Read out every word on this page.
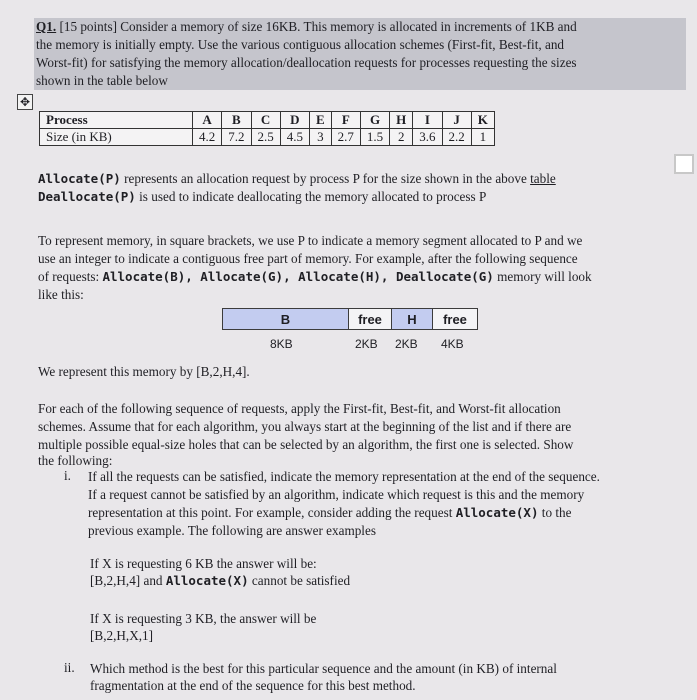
Q1. [15 points] Consider a memory of size 16KB. This memory is allocated in increments of 1KB and
the memory is initially empty. Use the various contiguous allocation schemes (First-fit, Best-fit, and
Worst-fit) for satisfying the memory allocation/deallocation requests for processes requesting the sizes
shown in the table below
✥
Process	A	B	C	D	E	F	G	H	I	J	K
Size (in KB)	4.2	7.2	2.5	4.5	3	2.7	1.5	2	3.6	2.2	1
Allocate(P) represents an allocation request by process P for the size shown in the above table
Deallocate(P) is used to indicate deallocating the memory allocated to process P
To represent memory, in square brackets, we use P to indicate a memory segment allocated to P and we
use an integer to indicate a contiguous free part of memory. For example, after the following sequence
of requests: Allocate(B), Allocate(G), Allocate(H), Deallocate(G) memory will look
like this:
B	free	H	free
8KB	2KB 2KB 4KB
We represent this memory by [B,2,H,4].
For each of the following sequence of requests, apply the First-fit, Best-fit, and Worst-fit allocation
schemes. Assume that for each algorithm, you always start at the beginning of the list and if there are
multiple possible equal-size holes that can be selected by an algorithm, the first one is selected. Show
the following:
i. If all the requests can be satisfied, indicate the memory representation at the end of the sequence.
If a request cannot be satisfied by an algorithm, indicate which request is this and the memory
representation at this point. For example, consider adding the request Allocate(X) to the
previous example. The following are answer examples
If X is requesting 6 KB the answer will be:
[B,2,H,4] and Allocate(X) cannot be satisfied
If X is requesting 3 KB, the answer will be
[B,2,H,X,1]
ii. Which method is the best for this particular sequence and the amount (in KB) of internal
fragmentation at the end of the sequence for this best method.
